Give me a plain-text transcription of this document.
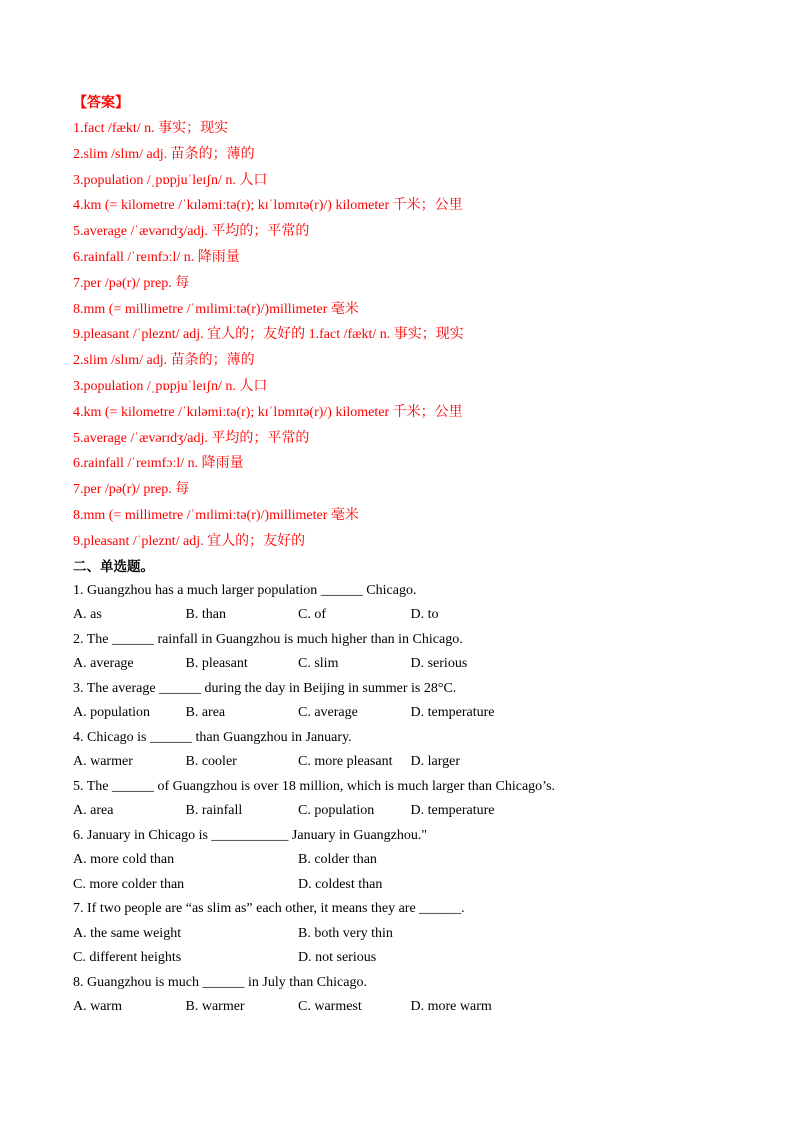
【答案】
1.fact /fækt/ n. 事实；现实
2.slim /slɪm/ adj. 苗条的；薄的
3.population /ˌpɒpjuˈleɪʃn/ n. 人口
4.km (= kilometre /ˈkɪləmiːtə(r); kɪˈlɒmɪtə(r)/) kilometer 千米；公里
5.average /ˈævərɪdʒ/adj. 平均的；平常的
6.rainfall /ˈreɪnfɔːl/ n. 降雨量
7.per /pə(r)/ prep. 每
8.mm (= millimetre /ˈmɪlimiːtə(r)/)millimeter 毫米
9.pleasant /ˈpleznt/ adj. 宜人的；友好的 1.fact /fækt/ n. 事实；现实
2.slim /slɪm/ adj. 苗条的；薄的
3.population /ˌpɒpjuˈleɪʃn/ n. 人口
4.km (= kilometre /ˈkɪləmiːtə(r); kɪˈlɒmɪtə(r)/) kilometer 千米；公里
5.average /ˈævərɪdʒ/adj. 平均的；平常的
6.rainfall /ˈreɪmfɔːl/ n. 降雨量
7.per /pə(r)/ prep. 每
8.mm (= millimetre /ˈmɪlimiːtə(r)/)millimeter 毫米
9.pleasant /ˈpleznt/ adj. 宜人的；友好的
二、单选题。
1. Guangzhou has a much larger population ______ Chicago.
A. as	B. than	C. of	D. to
2. The ______ rainfall in Guangzhou is much higher than in Chicago.
A. average	B. pleasant	C. slim	D. serious
3. The average ______ during the day in Beijing in summer is 28°C.
A. population	B. area	C. average	D. temperature
4. Chicago is ______ than Guangzhou in January.
A. warmer	B. cooler	C. more pleasant	D. larger
5. The ______ of Guangzhou is over 18 million, which is much larger than Chicago’s.
A. area	B. rainfall	C. population	D. temperature
6. January in Chicago is ___________ January in Guangzhou."
A. more cold than	B. colder than
C. more colder than	D. coldest than
7. If two people are “as slim as” each other, it means they are ______.
A. the same weight	B. both very thin
C. different heights	D. not serious
8. Guangzhou is much ______ in July than Chicago.
A. warm	B. warmer	C. warmest	D. more warm
